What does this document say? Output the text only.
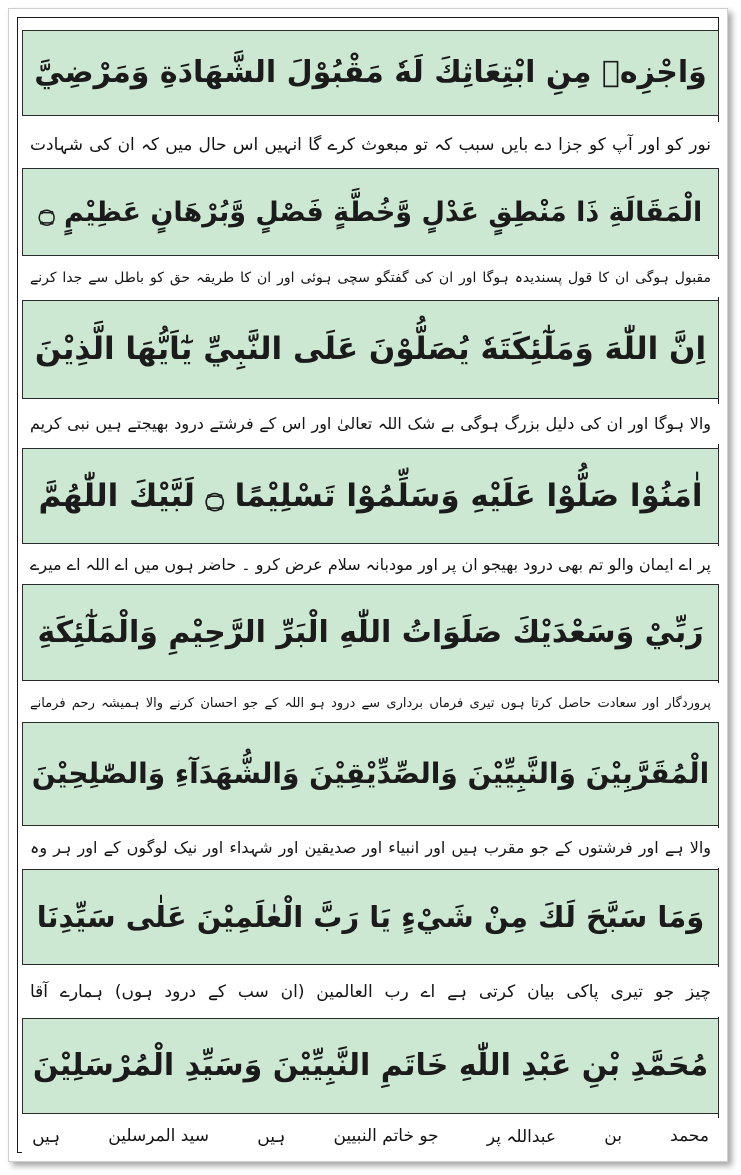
وَاجْزِهٖ مِنِ ابْتِعَاثِكَ لَهٗ مَقْبُوْلَ الشَّهَادَةِ وَمَرْضِيَّ
نور کو اور آپ کو جزا دے بایں سبب کہ تو مبعوث کرے گا انہیں اس حال میں کہ ان کی شہادت
الْمَقَالَةِ ذَا مَنْطِقٍ عَدْلٍ وَّخُطَّةٍ فَصْلٍ وَّبُرْهَانٍ عَظِيْمٍ ۝
مقبول ہوگی ان کا قول پسندیدہ ہوگا اور ان کی گفتگو سچی ہوئی اور ان کا طریقہ حق کو باطل سے جدا کرنے
اِنَّ اللّٰهَ وَمَلٰٓئِكَتَهٗ يُصَلُّوْنَ عَلَى النَّبِيِّ يٰٓاَيُّهَا الَّذِيْنَ
والا ہوگا اور ان کی دلیل بزرگ ہوگی بے شک اللہ تعالیٰ اور اس کے فرشتے درود بھیجتے ہیں نبی کریم
اٰمَنُوْا صَلُّوْا عَلَيْهِ وَسَلِّمُوْا تَسْلِيْمًا ۝ لَبَّيْكَ اللّٰهُمَّ
پر اے ایمان والو تم بھی درود بھیجو ان پر اور مودبانہ سلام عرض کرو ۔ حاضر ہوں میں اے اللہ اے میرے
رَبِّيْ وَسَعْدَيْكَ صَلَوَاتُ اللّٰهِ الْبَرِّ الرَّحِيْمِ وَالْمَلٰٓئِكَةِ
پروردگار اور سعادت حاصل کرتا ہوں تیری فرماں برداری سے درود ہو اللہ کے جو احسان کرنے والا ہمیشہ رحم فرمانے
الْمُقَرَّبِيْنَ وَالنَّبِيِّيْنَ وَالصِّدِّيْقِيْنَ وَالشُّهَدَآءِ وَالصّٰلِحِيْنَ
والا ہے اور فرشتوں کے جو مقرب ہیں اور انبیاء اور صدیقین اور شہداء اور نیک لوگوں کے اور ہر وہ
وَمَا سَبَّحَ لَكَ مِنْ شَيْءٍ يَا رَبَّ الْعٰلَمِيْنَ عَلٰى سَيِّدِنَا
چیز جو تیری پاکی بیان کرتی ہے اے رب العالمین (ان سب کے درود ہوں) ہمارے آقا
مُحَمَّدِ بْنِ عَبْدِ اللّٰهِ خَاتَمِ النَّبِيِّيْنَ وَسَيِّدِ الْمُرْسَلِيْنَ
محمد
بن
عبداللہ پر
جو خاتم النبیین
ہیں
سید المرسلین
ہیں
